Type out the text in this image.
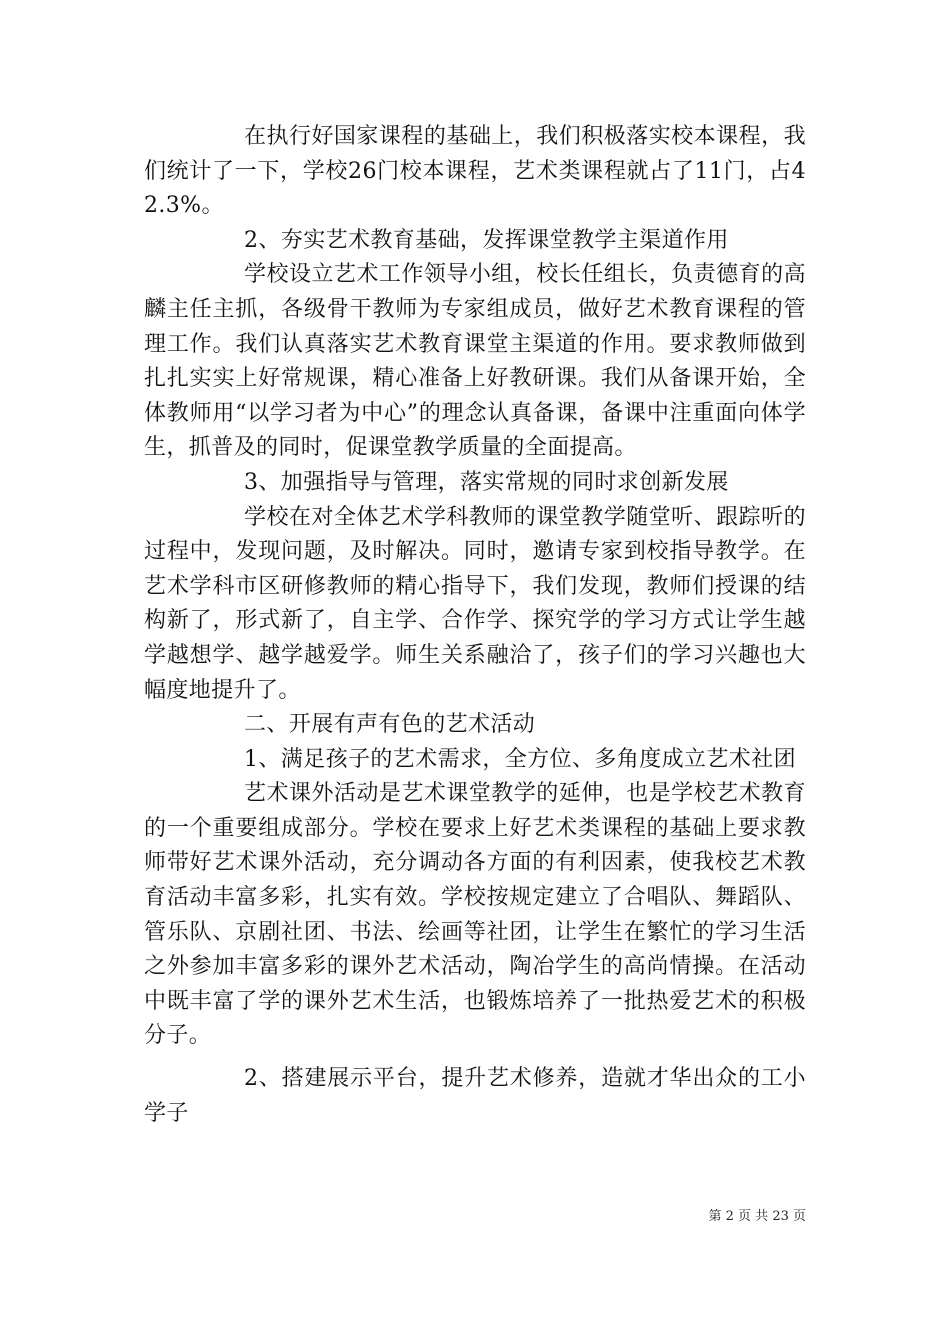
在执行好国家课程的基础上，我们积极落实校本课程，我们统计了一下，学校26门校本课程，艺术类课程就占了11门，占42.3%。

2、夯实艺术教育基础，发挥课堂教学主渠道作用

学校设立艺术工作领导小组，校长任组长，负责德育的高麟主任主抓，各级骨干教师为专家组成员，做好艺术教育课程的管理工作。我们认真落实艺术教育课堂主渠道的作用。要求教师做到扎扎实实上好常规课，精心准备上好教研课。我们从备课开始，全体教师用“以学习者为中心”的理念认真备课，备课中注重面向体学生，抓普及的同时，促课堂教学质量的全面提高。

3、加强指导与管理，落实常规的同时求创新发展

学校在对全体艺术学科教师的课堂教学随堂听、跟踪听的过程中，发现问题，及时解决。同时，邀请专家到校指导教学。在艺术学科市区研修教师的精心指导下，我们发现，教师们授课的结构新了，形式新了，自主学、合作学、探究学的学习方式让学生越学越想学、越学越爱学。师生关系融洽了，孩子们的学习兴趣也大幅度地提升了。

二、开展有声有色的艺术活动

1、满足孩子的艺术需求，全方位、多角度成立艺术社团

艺术课外活动是艺术课堂教学的延伸，也是学校艺术教育的一个重要组成部分。学校在要求上好艺术类课程的基础上要求教师带好艺术课外活动，充分调动各方面的有利因素，使我校艺术教育活动丰富多彩，扎实有效。学校按规定建立了合唱队、舞蹈队、管乐队、京剧社团、书法、绘画等社团，让学生在繁忙的学习生活之外参加丰富多彩的课外艺术活动，陶冶学生的高尚情操。在活动中既丰富了学的课外艺术生活，也锻炼培养了一批热爱艺术的积极分子。

2、搭建展示平台，提升艺术修养，造就才华出众的工小学子

第 2 页 共 23 页
